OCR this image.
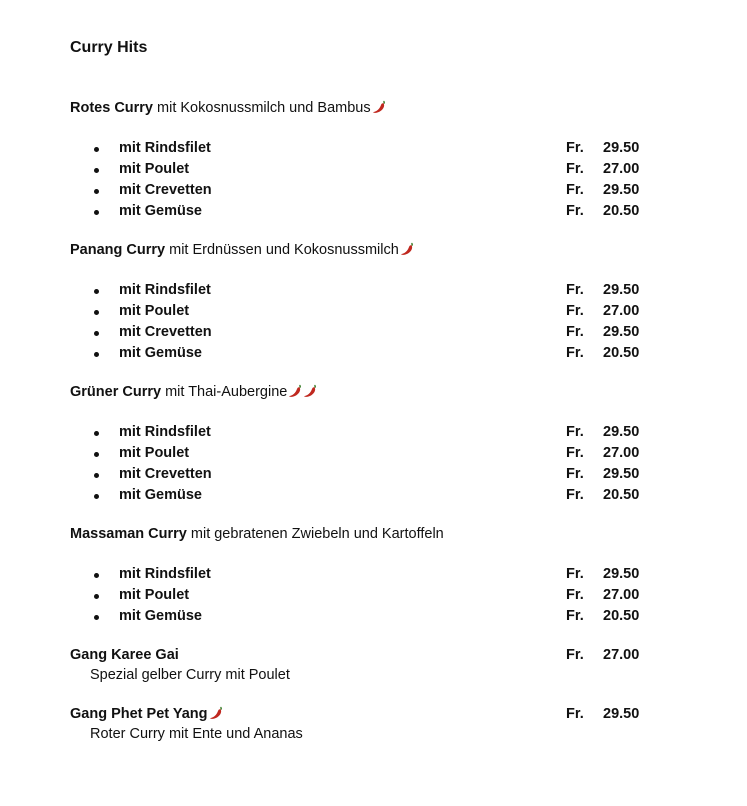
Curry Hits
Rotes Curry mit Kokosnussmilch und Bambus
mit Rindsfilet	Fr. 29.50
mit Poulet	Fr. 27.00
mit Crevetten	Fr. 29.50
mit Gemüse	Fr. 20.50
Panang Curry mit Erdnüssen und Kokosnussmilch
mit Rindsfilet	Fr. 29.50
mit Poulet	Fr. 27.00
mit Crevetten	Fr. 29.50
mit Gemüse	Fr. 20.50
Grüner Curry mit Thai-Aubergine
mit Rindsfilet	Fr. 29.50
mit Poulet	Fr. 27.00
mit Crevetten	Fr. 29.50
mit Gemüse	Fr. 20.50
Massaman Curry mit gebratenen Zwiebeln und Kartoffeln
mit Rindsfilet	Fr. 29.50
mit Poulet	Fr. 27.00
mit Gemüse	Fr. 20.50
Gang Karee Gai	Fr. 27.00
Spezial gelber Curry mit Poulet
Gang Phet Pet Yang	Fr. 29.50
Roter Curry mit Ente und Ananas
